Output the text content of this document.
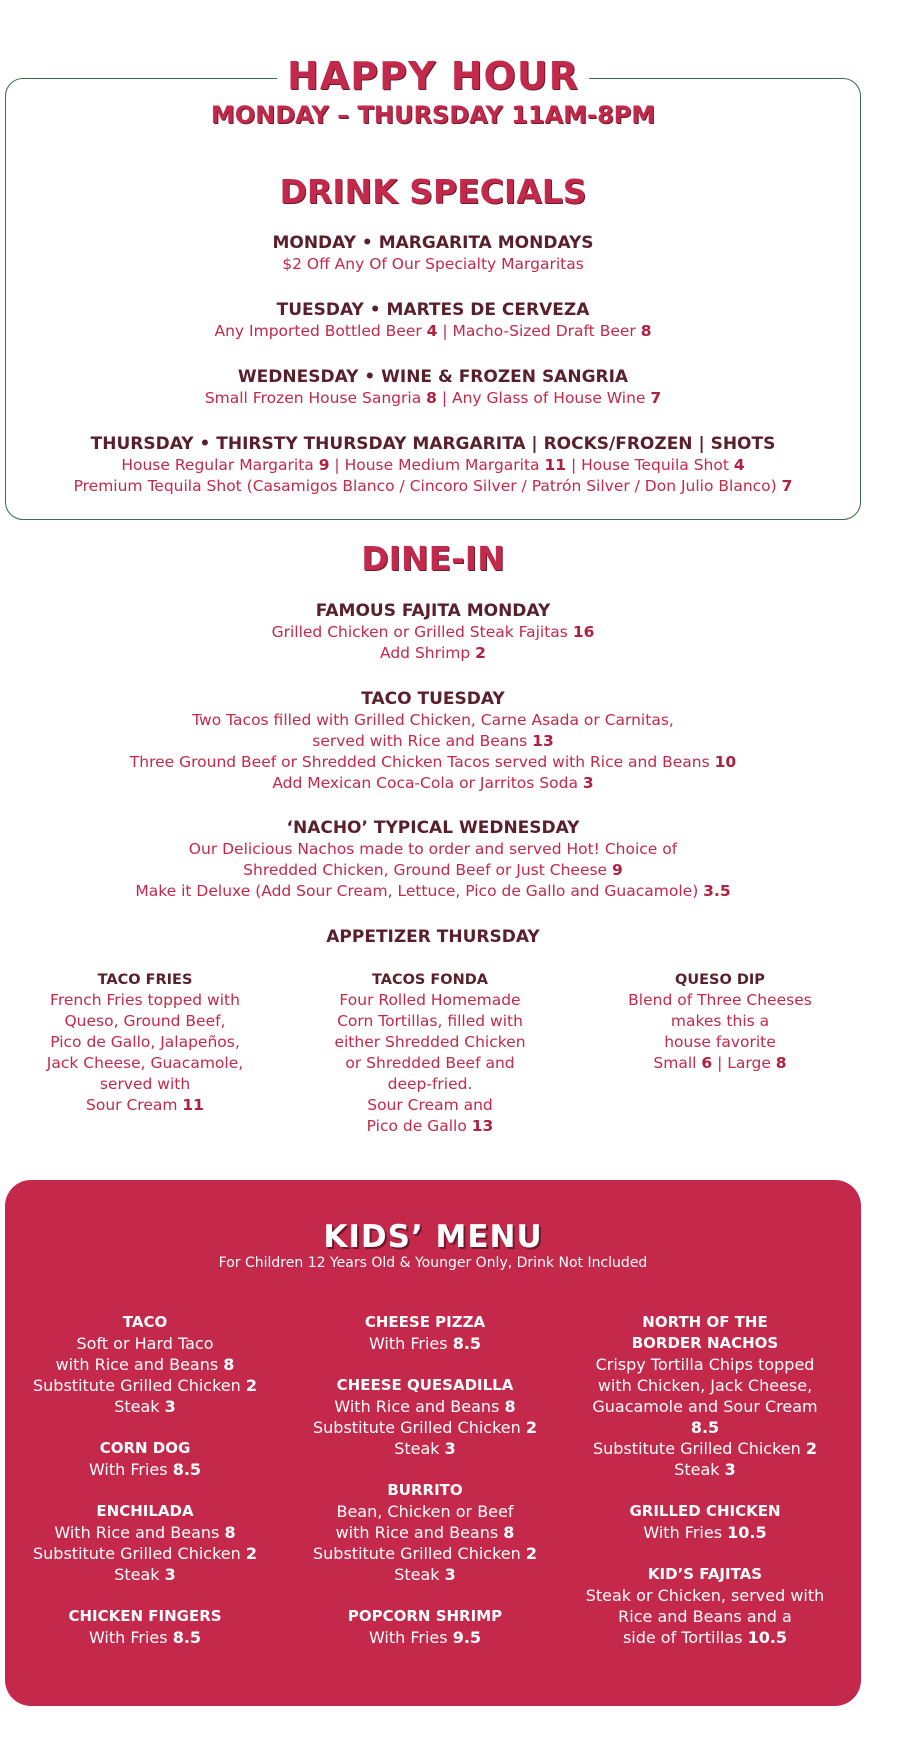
HAPPY HOUR
MONDAY – THURSDAY 11AM-8PM
DRINK SPECIALS
MONDAY • MARGARITA MONDAYS
$2 Off Any Of Our Specialty Margaritas
TUESDAY • MARTES DE CERVEZA
Any Imported Bottled Beer 4 | Macho-Sized Draft Beer 8
WEDNESDAY • WINE & FROZEN SANGRIA
Small Frozen House Sangria 8 | Any Glass of House Wine 7
THURSDAY • THIRSTY THURSDAY MARGARITA | ROCKS/FROZEN | SHOTS
House Regular Margarita 9 | House Medium Margarita 11 | House Tequila Shot 4
Premium Tequila Shot (Casamigos Blanco / Cincoro Silver / Patrón Silver / Don Julio Blanco) 7
DINE-IN
FAMOUS FAJITA MONDAY
Grilled Chicken or Grilled Steak Fajitas 16
Add Shrimp 2
TACO TUESDAY
Two Tacos filled with Grilled Chicken, Carne Asada or Carnitas,
served with Rice and Beans 13
Three Ground Beef or Shredded Chicken Tacos served with Rice and Beans 10
Add Mexican Coca-Cola or Jarritos Soda 3
‘NACHO’ TYPICAL WEDNESDAY
Our Delicious Nachos made to order and served Hot! Choice of
Shredded Chicken, Ground Beef or Just Cheese 9
Make it Deluxe (Add Sour Cream, Lettuce, Pico de Gallo and Guacamole) 3.5
APPETIZER THURSDAY
TACO FRIES
French Fries topped with
Queso, Ground Beef,
Pico de Gallo, Jalapeños,
Jack Cheese, Guacamole,
served with
Sour Cream 11
TACOS FONDA
Four Rolled Homemade
Corn Tortillas, filled with
either Shredded Chicken
or Shredded Beef and
deep-fried.
Sour Cream and
Pico de Gallo 13
QUESO DIP
Blend of Three Cheeses
makes this a
house favorite
Small 6 | Large 8
KIDS’ MENU
For Children 12 Years Old & Younger Only, Drink Not Included
TACO
Soft or Hard Taco
with Rice and Beans 8
Substitute Grilled Chicken 2
Steak 3
CORN DOG
With Fries 8.5
ENCHILADA
With Rice and Beans 8
Substitute Grilled Chicken 2
Steak 3
CHICKEN FINGERS
With Fries 8.5
CHEESE PIZZA
With Fries 8.5
CHEESE QUESADILLA
With Rice and Beans 8
Substitute Grilled Chicken 2
Steak 3
BURRITO
Bean, Chicken or Beef
with Rice and Beans 8
Substitute Grilled Chicken 2
Steak 3
POPCORN SHRIMP
With Fries 9.5
NORTH OF THE
BORDER NACHOS
Crispy Tortilla Chips topped
with Chicken, Jack Cheese,
Guacamole and Sour Cream
8.5
Substitute Grilled Chicken 2
Steak 3
GRILLED CHICKEN
With Fries 10.5
KID’S FAJITAS
Steak or Chicken, served with
Rice and Beans and a
side of Tortillas 10.5
